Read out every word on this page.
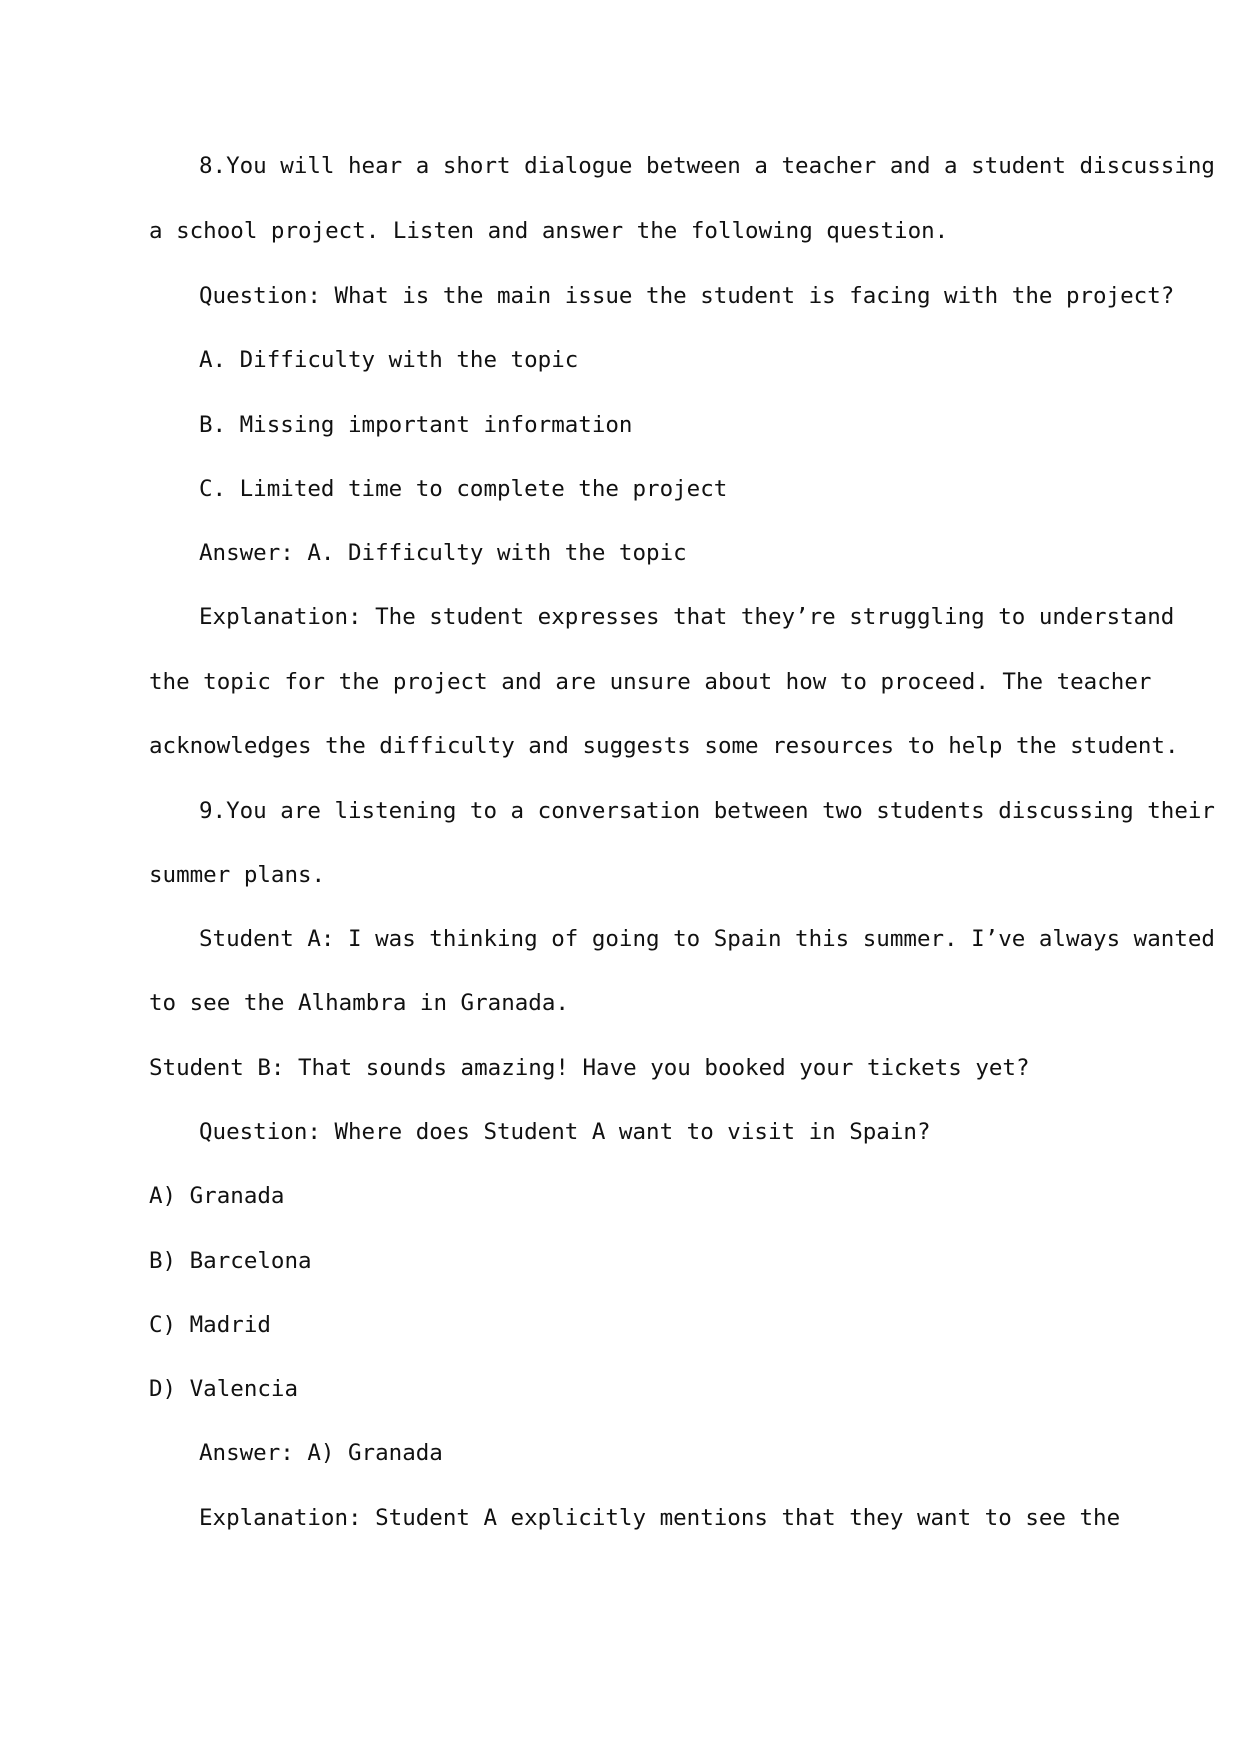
8.You will hear a short dialogue between a teacher and a student discussing

a school project. Listen and answer the following question.

Question: What is the main issue the student is facing with the project?

A. Difficulty with the topic

B. Missing important information

C. Limited time to complete the project

Answer: A. Difficulty with the topic

Explanation: The student expresses that they’re struggling to understand

the topic for the project and are unsure about how to proceed. The teacher

acknowledges the difficulty and suggests some resources to help the student.

9.You are listening to a conversation between two students discussing their

summer plans.

Student A: I was thinking of going to Spain this summer. I’ve always wanted

to see the Alhambra in Granada.

Student B: That sounds amazing! Have you booked your tickets yet?

Question: Where does Student A want to visit in Spain?

A) Granada

B) Barcelona

C) Madrid

D) Valencia

Answer: A) Granada

Explanation: Student A explicitly mentions that they want to see the
